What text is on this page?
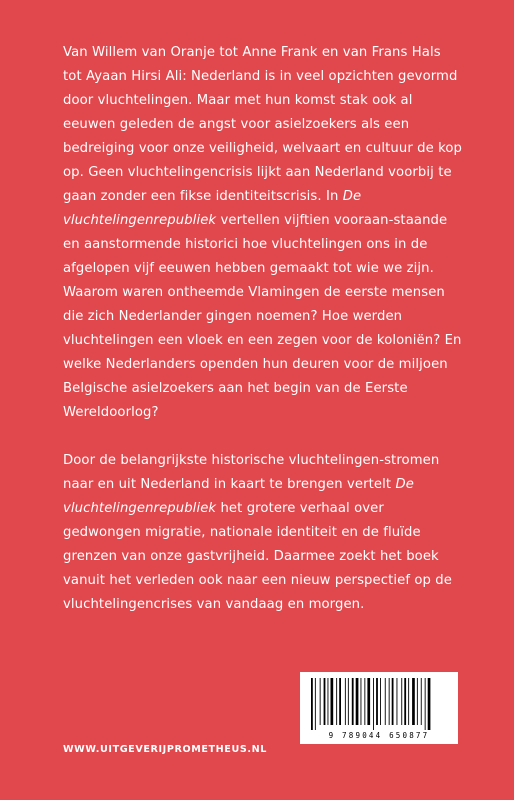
Van Willem van Oranje tot Anne Frank en van Frans Hals tot Ayaan Hirsi Ali: Nederland is in veel opzichten gevormd door vluchtelingen. Maar met hun komst stak ook al eeuwen geleden de angst voor asielzoekers als een bedreiging voor onze veiligheid, welvaart en cultuur de kop op. Geen vluchtelingencrisis lijkt aan Nederland voorbij te gaan zonder een fikse identiteitscrisis. In De vluchtelingenrepubliek vertellen vijftien vooraan-staande en aanstormende historici hoe vluchtelingen ons in de afgelopen vijf eeuwen hebben gemaakt tot wie we zijn. Waarom waren ontheemde Vlamingen de eerste mensen die zich Nederlander gingen noemen? Hoe werden vluchtelingen een vloek en een zegen voor de koloniën? En welke Nederlanders openden hun deuren voor de miljoen Belgische asielzoekers aan het begin van de Eerste Wereldoorlog?

Door de belangrijkste historische vluchtelingen-stromen naar en uit Nederland in kaart te brengen vertelt De vluchtelingenrepubliek het grotere verhaal over gedwongen migratie, nationale identiteit en de fluïde grenzen van onze gastvrijheid. Daarmee zoekt het boek vanuit het verleden ook naar een nieuw perspectief op de vluchtelingencrises van vandaag en morgen.

9 789044 650877
WWW.UITGEVERIJPROMETHEUS.NL
